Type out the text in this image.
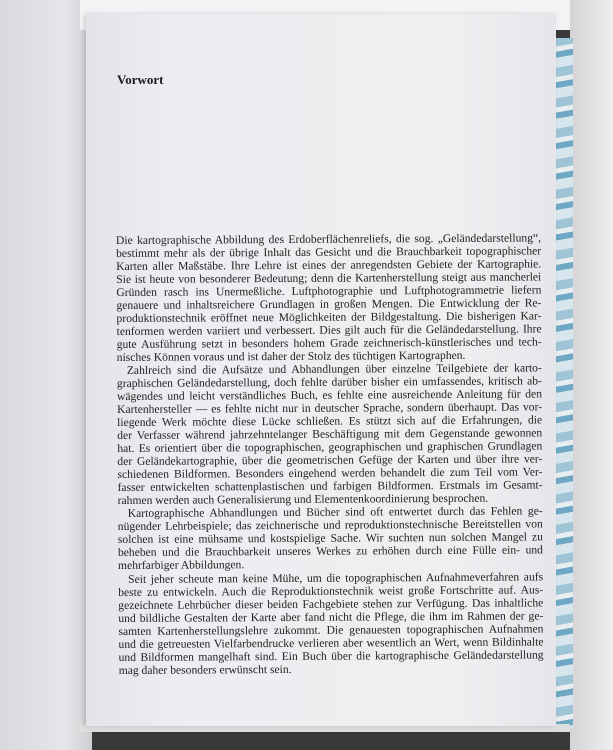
Vorwort
Die kartographische Abbildung des Erdoberflächenreliefs, die sog. „Geländedarstellung“,
bestimmt mehr als der übrige Inhalt das Gesicht und die Brauchbarkeit topographischer
Karten aller Maßstäbe. Ihre Lehre ist eines der anregendsten Gebiete der Kartographie.
Sie ist heute von besonderer Bedeutung; denn die Kartenherstellung steigt aus mancherlei
Gründen rasch ins Unermeßliche. Luftphotographie und Luftphotogrammetrie liefern
genauere und inhaltsreichere Grundlagen in großen Mengen. Die Entwicklung der Re-
produktionstechnik eröffnet neue Möglichkeiten der Bildgestaltung. Die bisherigen Kar-
tenformen werden variiert und verbessert. Dies gilt auch für die Geländedarstellung. Ihre
gute Ausführung setzt in besonders hohem Grade zeichnerisch-künstlerisches und tech-
nisches Können voraus und ist daher der Stolz des tüchtigen Kartographen.
Zahlreich sind die Aufsätze und Abhandlungen über einzelne Teilgebiete der karto-
graphischen Geländedarstellung, doch fehlte darüber bisher ein umfassendes, kritisch ab-
wägendes und leicht verständliches Buch, es fehlte eine ausreichende Anleitung für den
Kartenhersteller — es fehlte nicht nur in deutscher Sprache, sondern überhaupt. Das vor-
liegende Werk möchte diese Lücke schließen. Es stützt sich auf die Erfahrungen, die
der Verfasser während jahrzehntelanger Beschäftigung mit dem Gegenstande gewonnen
hat. Es orientiert über die topographischen, geographischen und graphischen Grundlagen
der Geländekartographie, über die geometrischen Gefüge der Karten und über ihre ver-
schiedenen Bildformen. Besonders eingehend werden behandelt die zum Teil vom Ver-
fasser entwickelten schattenplastischen und farbigen Bildformen. Erstmals im Gesamt-
rahmen werden auch Generalisierung und Elementenkoordinierung besprochen.
Kartographische Abhandlungen und Bücher sind oft entwertet durch das Fehlen ge-
nügender Lehrbeispiele; das zeichnerische und reproduktionstechnische Bereitstellen von
solchen ist eine mühsame und kostspielige Sache. Wir suchten nun solchen Mangel zu
beheben und die Brauchbarkeit unseres Werkes zu erhöhen durch eine Fülle ein- und
mehrfarbiger Abbildungen.
Seit jeher scheute man keine Mühe, um die topographischen Aufnahmeverfahren aufs
beste zu entwickeln. Auch die Reproduktionstechnik weist große Fortschritte auf. Aus-
gezeichnete Lehrbücher dieser beiden Fachgebiete stehen zur Verfügung. Das inhaltliche
und bildliche Gestalten der Karte aber fand nicht die Pflege, die ihm im Rahmen der ge-
samten Kartenherstellungslehre zukommt. Die genauesten topographischen Aufnahmen
und die getreuesten Vielfarbendrucke verlieren aber wesentlich an Wert, wenn Bildinhalte
und Bildformen mangelhaft sind. Ein Buch über die kartographische Geländedarstellung
mag daher besonders erwünscht sein.
